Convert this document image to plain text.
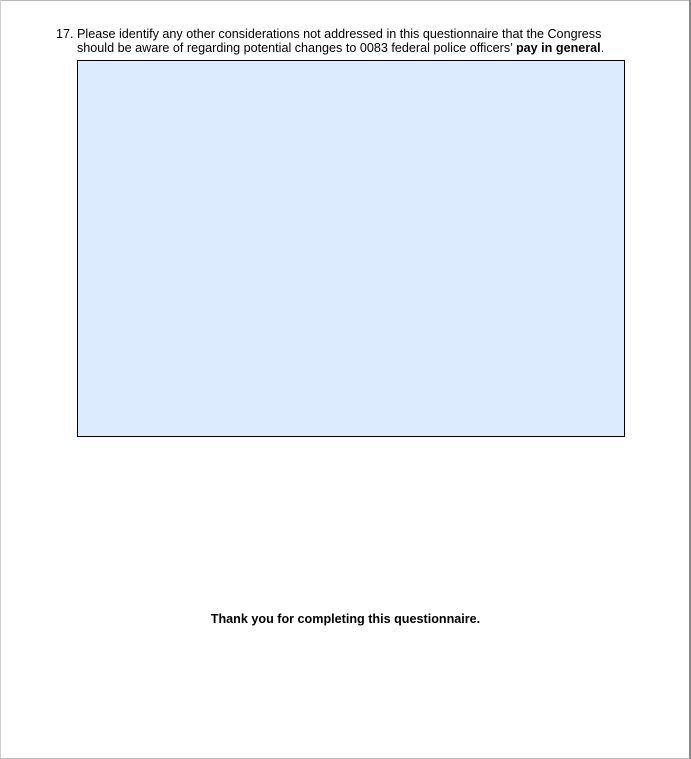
17. Please identify any other considerations not addressed in this questionnaire that the Congress should be aware of regarding potential changes to 0083 federal police officers’ pay in general.
Thank you for completing this questionnaire.
